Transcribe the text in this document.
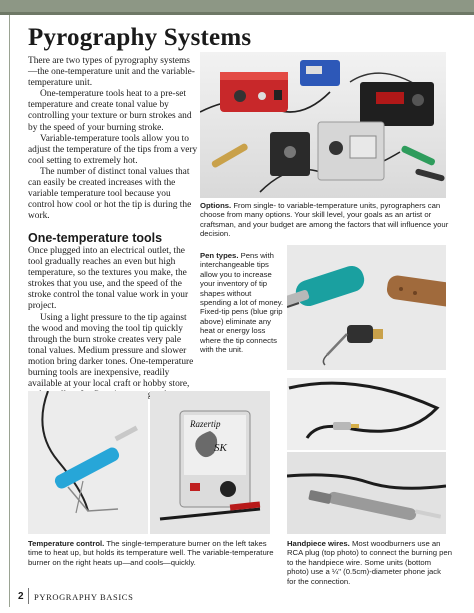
Pyrography Systems

There are two types of pyrography systems—the one-temperature unit and the variable-temperature unit.

One-temperature tools heat to a pre-set temperature and create tonal value by controlling your texture or burn strokes and by the speed of your burning stroke.

Variable-temperature tools allow you to adjust the temperature of the tips from a very cool setting to extremely hot.

The number of distinct tonal values that can easily be created increases with the variable temperature tool because you control how cool or hot the tip is during the work.

One-temperature tools

Once plugged into an electrical outlet, the tool gradually reaches an even but high temperature, so the textures you make, the strokes that you use, and the speed of the stroke control the tonal value work in your project.

Using a light pressure to the tip against the wood and moving the tool tip quickly through the burn stroke creates very pale tonal values. Medium pressure and slower motion bring darker tones. One-temperature burning tools are inexpensive, readily available at your local craft or hobby store,

Options. From single- to variable-temperature units, pyrographers can choose from many options. Your skill level, your goals as an artist or craftsman, and your budget are among the factors that will influence your decision.
Pen types. Pens with interchangeable tips allow you to increase your inventory of tip shapes without spending a lot of money. Fixed-tip pens (blue grip above) eliminate any heat or energy loss where the tip connects with the unit.
Razertip
SK
Temperature control. The single-temperature burner on the left takes time to heat up, but holds its temperature well. The variable-temperature burner on the right heats up—and cools—quickly.
Handpiece wires. Most woodburners use an RCA plug (top photo) to connect the burning pen to the handpiece wire. Some units (bottom photo) use a ¼" (0.5cm)-diameter phone jack for the connection.
2 PYROGRAPHY BASICS
